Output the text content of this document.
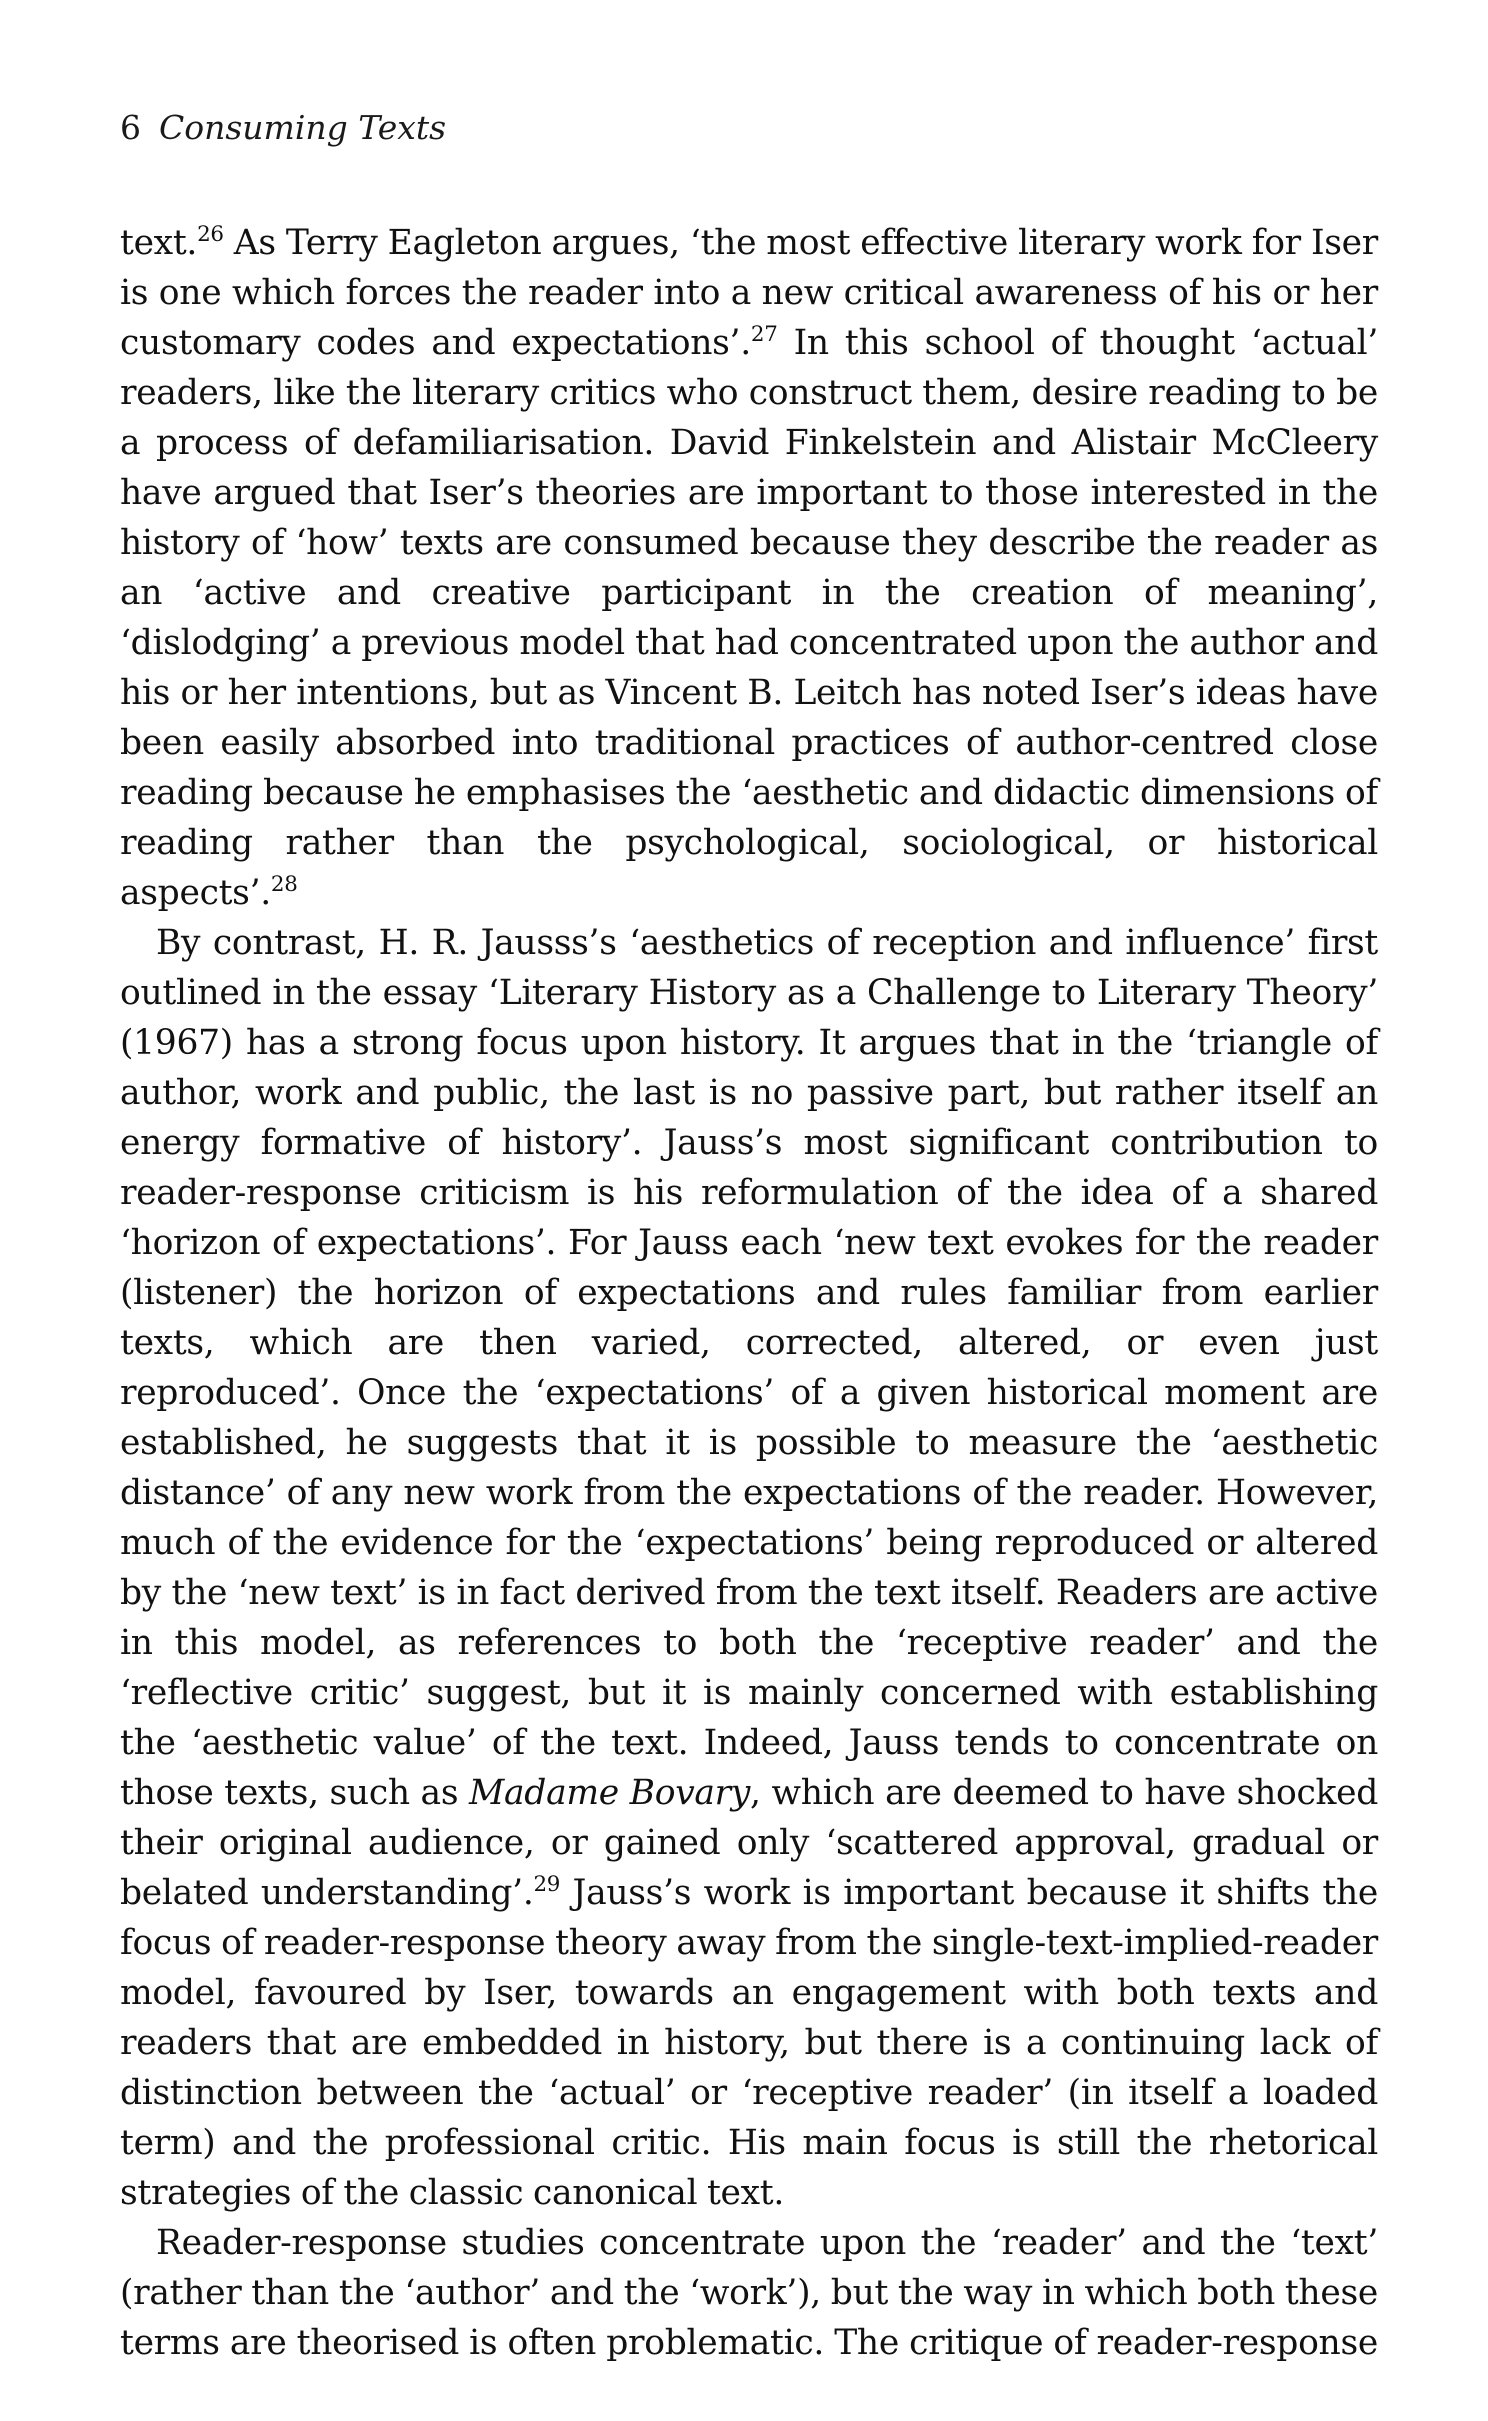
6 Consuming Texts

text.$^{26}$ As Terry Eagleton argues, ‘the most effective literary work for Iser is one which forces the reader into a new critical awareness of his or her customary codes and expectations’.$^{27}$ In this school of thought ‘actual’ readers, like the literary critics who construct them, desire reading to be a process of defamiliarisation. David Finkelstein and Alistair McCleery have argued that Iser’s theories are important to those interested in the history of ‘how’ texts are consumed because they describe the reader as an ‘active and creative participant in the creation of meaning’, ‘dislodging’ a previous model that had concentrated upon the author and his or her intentions, but as Vincent B. Leitch has noted Iser’s ideas have been easily absorbed into traditional practices of author-centred close reading because he emphasises the ‘aesthetic and didactic dimensions of reading rather than the psychological, sociological, or historical aspects’.$^{28}$

By contrast, H. R. Jausss’s ‘aesthetics of reception and influence’ first outlined in the essay ‘Literary History as a Challenge to Literary Theory’ (1967) has a strong focus upon history. It argues that in the ‘triangle of author, work and public, the last is no passive part, but rather itself an energy formative of history’. Jauss’s most significant contribution to reader-response criticism is his reformulation of the idea of a shared ‘horizon of expectations’. For Jauss each ‘new text evokes for the reader (listener) the horizon of expectations and rules familiar from earlier texts, which are then varied, corrected, altered, or even just reproduced’. Once the ‘expectations’ of a given historical moment are established, he suggests that it is possible to measure the ‘aesthetic distance’ of any new work from the expectations of the reader. However, much of the evidence for the ‘expectations’ being reproduced or altered by the ‘new text’ is in fact derived from the text itself. Readers are active in this model, as references to both the ‘receptive reader’ and the ‘reflective critic’ suggest, but it is mainly concerned with establishing the ‘aesthetic value’ of the text. Indeed, Jauss tends to concentrate on those texts, such as Madame Bovary, which are deemed to have shocked their original audience, or gained only ‘scattered approval, gradual or belated understanding’.$^{29}$ Jauss’s work is important because it shifts the focus of reader-response theory away from the single-text-implied-reader model, favoured by Iser, towards an engagement with both texts and readers that are embedded in history, but there is a continuing lack of distinction between the ‘actual’ or ‘receptive reader’ (in itself a loaded term) and the professional critic. His main focus is still the rhetorical strategies of the classic canonical text.

Reader-response studies concentrate upon the ‘reader’ and the ‘text’ (rather than the ‘author’ and the ‘work’), but the way in which both these terms are theorised is often problematic. The critique of reader-response
